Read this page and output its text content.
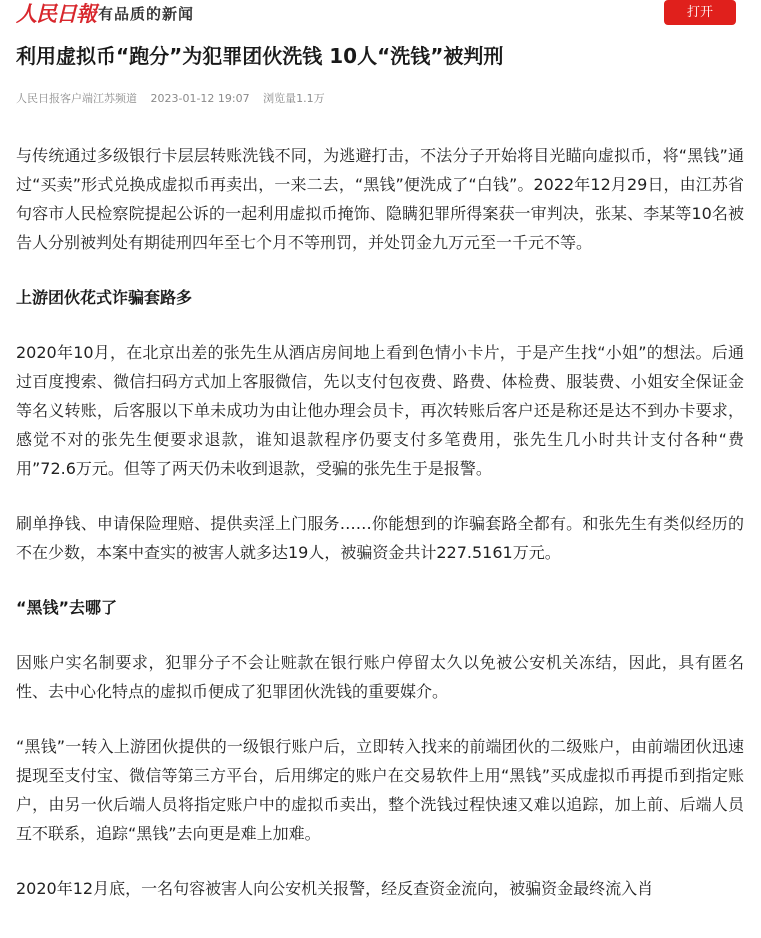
人民日報 有品质的新闻	打开
利用虚拟币“跑分”为犯罪团伙洗钱 10人“洗钱”被判刑
人民日报客户端江苏频道 2023-01-12 19:07 浏览量1.1万

与传统通过多级银行卡层层转账洗钱不同，为逃避打击，不法分子开始将目光瞄向虚拟币，将“黑钱”通过“买卖”形式兑换成虚拟币再卖出，一来二去，“黑钱”便洗成了“白钱”。2022年12月29日，由江苏省句容市人民检察院提起公诉的一起利用虚拟币掩饰、隐瞒犯罪所得案获一审判决，张某、李某等10名被告人分别被判处有期徒刑四年至七个月不等刑罚，并处罚金九万元至一千元不等。

上游团伙花式诈骗套路多

2020年10月，在北京出差的张先生从酒店房间地上看到色情小卡片，于是产生找“小姐”的想法。后通过百度搜索、微信扫码方式加上客服微信，先以支付包夜费、路费、体检费、服装费、小姐安全保证金等名义转账，后客服以下单未成功为由让他办理会员卡，再次转账后客户还是称还是达不到办卡要求，感觉不对的张先生便要求退款，谁知退款程序仍要支付多笔费用，张先生几小时共计支付各种“费用”72.6万元。但等了两天仍未收到退款，受骗的张先生于是报警。

刷单挣钱、申请保险理赔、提供卖淫上门服务……你能想到的诈骗套路全都有。和张先生有类似经历的不在少数，本案中查实的被害人就多达19人，被骗资金共计227.5161万元。

“黑钱”去哪了

因账户实名制要求，犯罪分子不会让赃款在银行账户停留太久以免被公安机关冻结，因此，具有匿名性、去中心化特点的虚拟币便成了犯罪团伙洗钱的重要媒介。

“黑钱”一转入上游团伙提供的一级银行账户后，立即转入找来的前端团伙的二级账户，由前端团伙迅速提现至支付宝、微信等第三方平台，后用绑定的账户在交易软件上用“黑钱”买成虚拟币再提币到指定账户，由另一伙后端人员将指定账户中的虚拟币卖出，整个洗钱过程快速又难以追踪，加上前、后端人员互不联系，追踪“黑钱”去向更是难上加难。

2020年12月底，一名句容被害人向公安机关报警，经反查资金流向，被骗资金最终流入肖
